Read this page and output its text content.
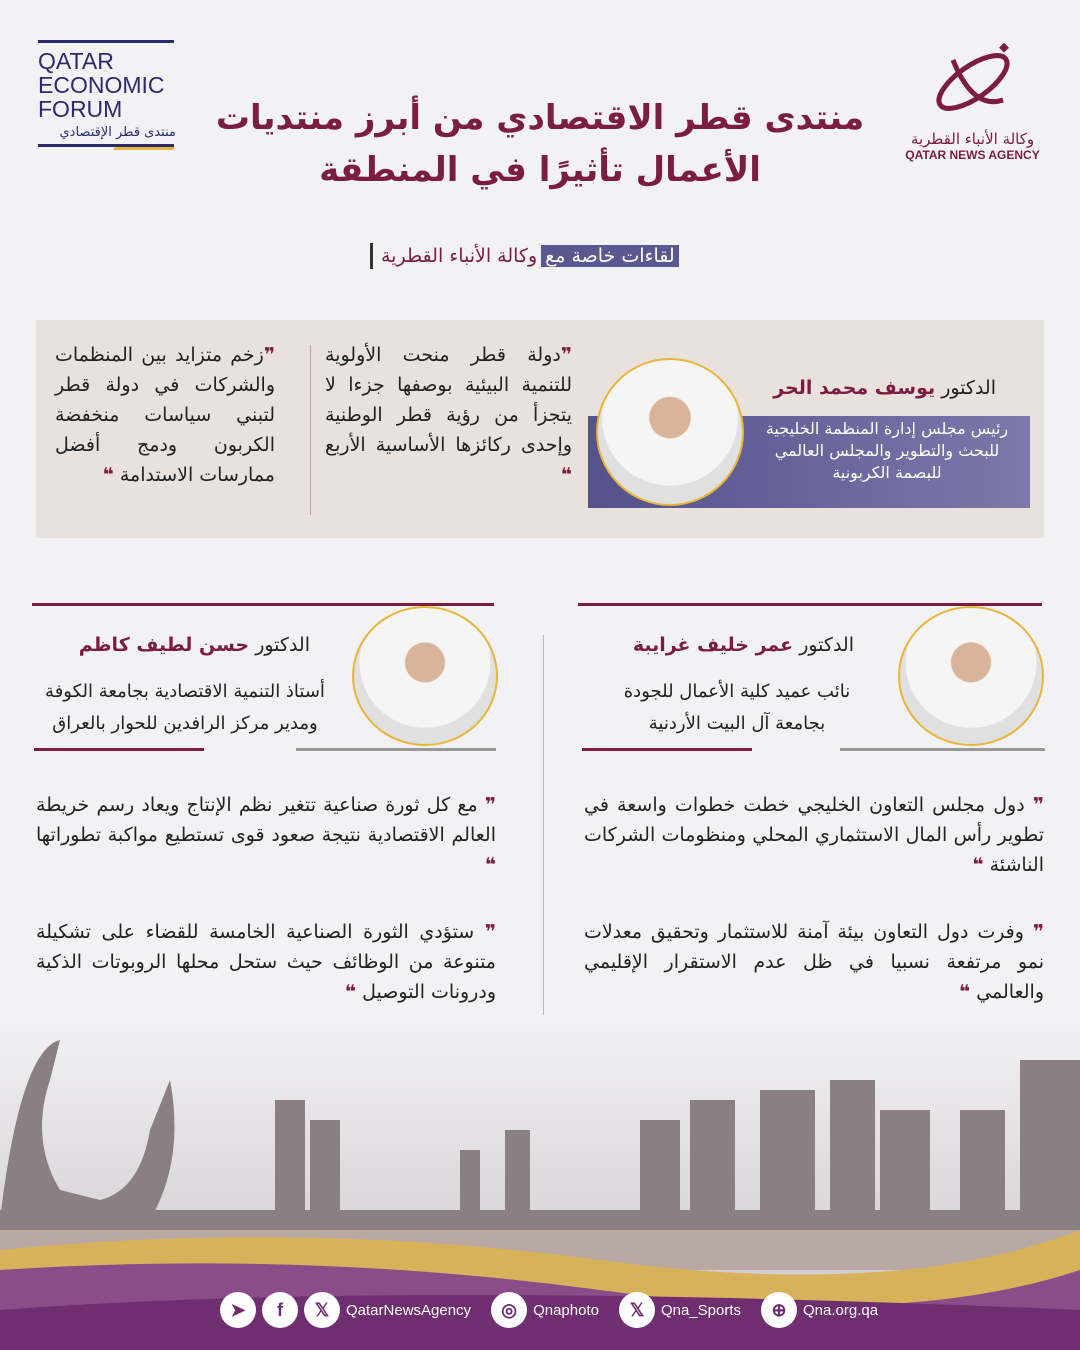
QATAR ECONOMIC FORUM
منتدى قطر الإقتصادي	وكالة الأنباء القطرية
QATAR NEWS AGENCY
منتدى قطر الاقتصادي من أبرز منتديات
الأعمال تأثيرًا في المنطقة
لقاءات خاصة مع
وكالة الأنباء القطرية
رئيس مجلس إدارة المنظمة الخليجية للبحث والتطوير والمجلس العالمي للبصمة الكربونية
الدكتور يوسف محمد الحر
❞دولة قطر منحت الأولوية للتنمية البيئية بوصفها جزءا لا يتجزأ من رؤية قطر الوطنية وإحدى ركائزها الأساسية الأربع ❝
❞زخم متزايد بين المنظمات والشركات في دولة قطر لتبني سياسات منخفضة الكربون ودمج أفضل ممارسات الاستدامة ❝
الدكتور عمر خليف غرايبة
نائب عميد كلية الأعمال للجودة
بجامعة آل البيت الأردنية
❞ دول مجلس التعاون الخليجي خطت خطوات واسعة في تطوير رأس المال الاستثماري المحلي ومنظومات الشركات الناشئة ❝
❞ وفرت دول التعاون بيئة آمنة للاستثمار وتحقيق معدلات نمو مرتفعة نسبيا في ظل عدم الاستقرار الإقليمي والعالمي ❝
الدكتور حسن لطيف كاظم
أستاذ التنمية الاقتصادية بجامعة الكوفة
ومدير مركز الرافدين للحوار بالعراق
❞ مع كل ثورة صناعية تتغير نظم الإنتاج ويعاد رسم خريطة العالم الاقتصادية نتيجة صعود قوى تستطيع مواكبة تطوراتها ❝
❞ ستؤدي الثورة الصناعية الخامسة للقضاء على تشكيلة متنوعة من الوظائف حيث ستحل محلها الروبوتات الذكية ودرونات التوصيل ❝
➤	f	𝕏	QatarNewsAgency	◎	Qnaphoto	𝕏	Qna_Sports	⊕	Qna.org.qa
